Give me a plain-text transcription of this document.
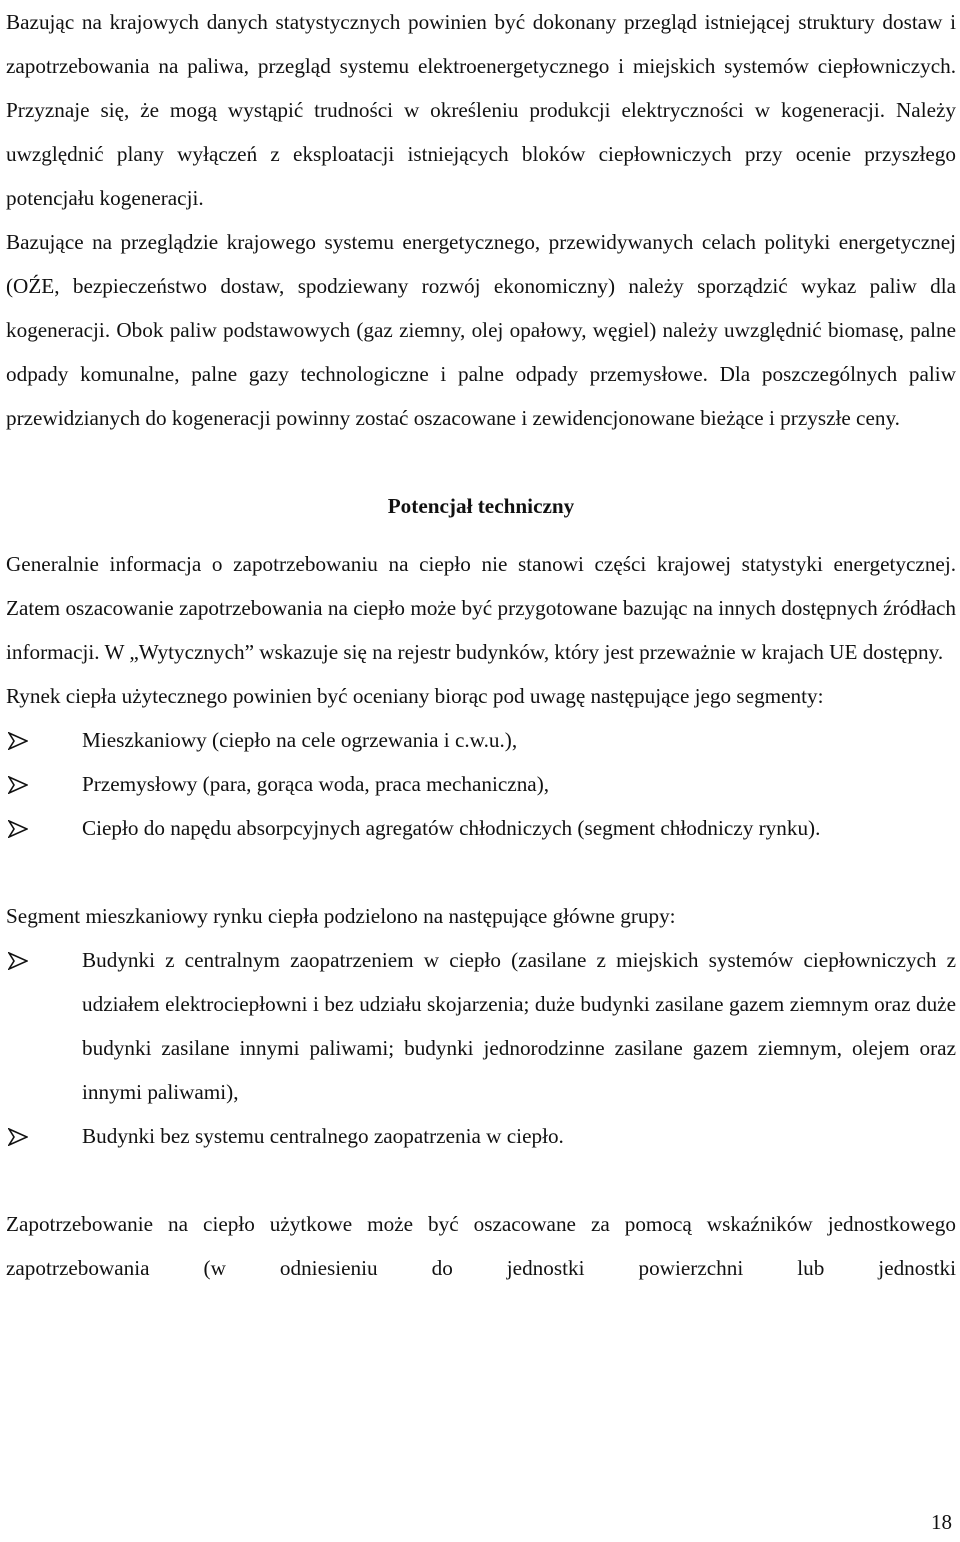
Bazując na krajowych danych statystycznych powinien być dokonany przegląd istniejącej struktury dostaw i zapotrzebowania na paliwa, przegląd systemu elektroenergetycznego i miejskich systemów ciepłowniczych. Przyznaje się, że mogą wystąpić trudności w określeniu produkcji elektryczności w kogeneracji. Należy uwzględnić plany wyłączeń z eksploatacji istniejących bloków ciepłowniczych przy ocenie przyszłego potencjału kogeneracji.

Bazujące na przeglądzie krajowego systemu energetycznego, przewidywanych celach polityki energetycznej (OŹE, bezpieczeństwo dostaw, spodziewany rozwój ekonomiczny) należy sporządzić wykaz paliw dla kogeneracji. Obok paliw podstawowych (gaz ziemny, olej opałowy, węgiel) należy uwzględnić biomasę, palne odpady komunalne, palne gazy technologiczne i palne odpady przemysłowe. Dla poszczególnych paliw przewidzianych do kogeneracji powinny zostać oszacowane i zewidencjonowane bieżące i przyszłe ceny.

Potencjał techniczny

Generalnie informacja o zapotrzebowaniu na ciepło nie stanowi części krajowej statystyki energetycznej. Zatem oszacowanie zapotrzebowania na ciepło może być przygotowane bazując na innych dostępnych źródłach informacji. W „Wytycznych” wskazuje się na rejestr budynków, który jest przeważnie w krajach UE dostępny.

Rynek ciepła użytecznego powinien być oceniany biorąc pod uwagę następujące jego segmenty:

Mieszkaniowy (ciepło na cele ogrzewania i c.w.u.),
Przemysłowy (para, gorąca woda, praca mechaniczna),
Ciepło do napędu absorpcyjnych agregatów chłodniczych (segment chłodniczy rynku).

Segment mieszkaniowy rynku ciepła podzielono na następujące główne grupy:

Budynki z centralnym zaopatrzeniem w ciepło (zasilane z miejskich systemów ciepłowniczych z udziałem elektrociepłowni i bez udziału skojarzenia; duże budynki zasilane gazem ziemnym oraz duże budynki zasilane innymi paliwami; budynki jednorodzinne zasilane gazem ziemnym, olejem oraz innymi paliwami),
Budynki bez systemu centralnego zaopatrzenia w ciepło.

Zapotrzebowanie na ciepło użytkowe może być oszacowane za pomocą wskaźników jednostkowego zapotrzebowania (w odniesieniu do jednostki powierzchni lub jednostki

18
